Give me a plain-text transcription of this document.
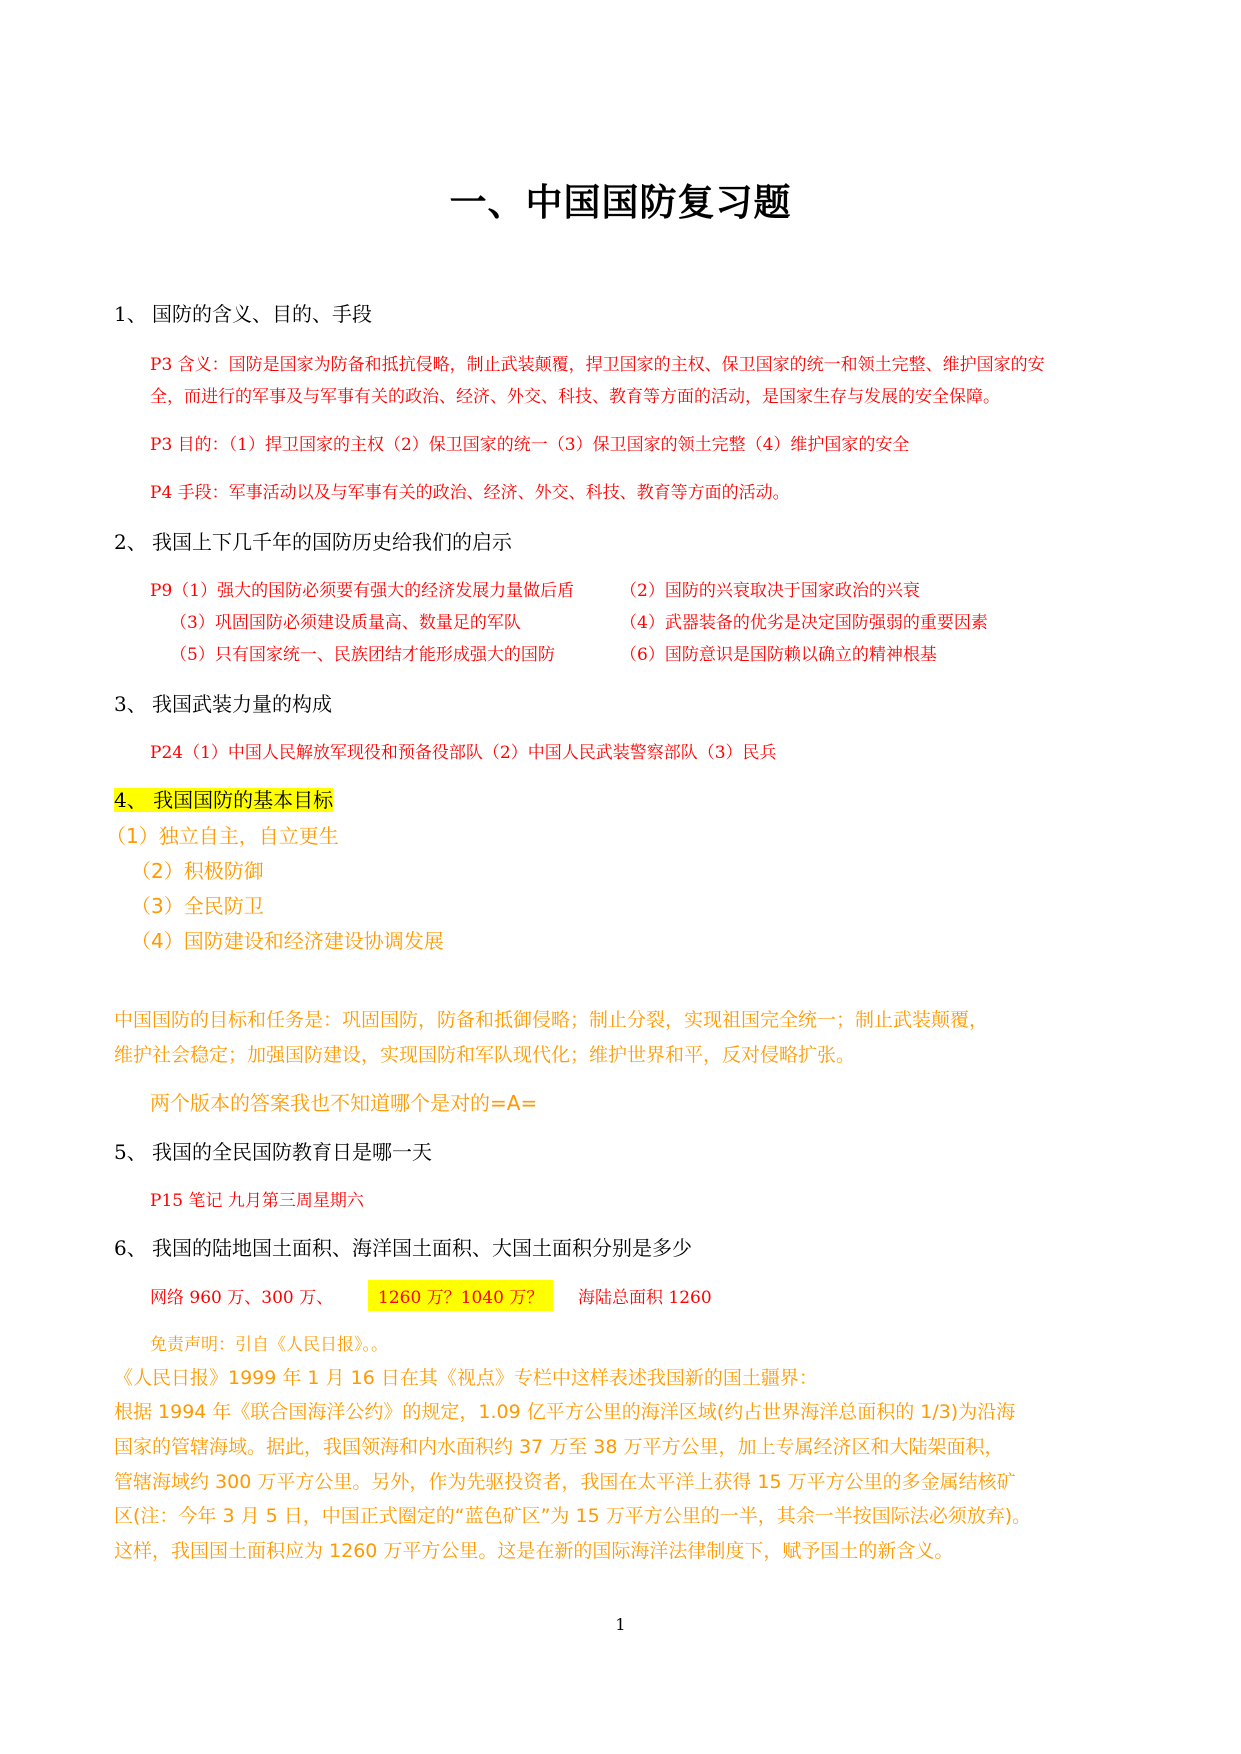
一、中国国防复习题
1、 国防的含义、目的、手段
P3 含义：国防是国家为防备和抵抗侵略，制止武装颠覆，捍卫国家的主权、保卫国家的统一和领土完整、维护国家的安
全，而进行的军事及与军事有关的政治、经济、外交、科技、教育等方面的活动，是国家生存与发展的安全保障。
P3 目的：（1）捍卫国家的主权（2）保卫国家的统一（3）保卫国家的领土完整（4）维护国家的安全
P4 手段：军事活动以及与军事有关的政治、经济、外交、科技、教育等方面的活动。
2、 我国上下几千年的国防历史给我们的启示
P9（1）强大的国防必须要有强大的经济发展力量做后盾	（2）国防的兴衰取决于国家政治的兴衰
（3）巩固国防必须建设质量高、数量足的军队	（4）武器装备的优劣是决定国防强弱的重要因素
（5）只有国家统一、民族团结才能形成强大的国防	（6）国防意识是国防赖以确立的精神根基
3、 我国武装力量的构成
P24（1）中国人民解放军现役和预备役部队（2）中国人民武装警察部队（3）民兵
4、 我国国防的基本目标
（1）独立自主，自立更生
（2）积极防御
（3）全民防卫
（4）国防建设和经济建设协调发展
中国国防的目标和任务是：巩固国防，防备和抵御侵略；制止分裂，实现祖国完全统一；制止武装颠覆，
维护社会稳定；加强国防建设，实现国防和军队现代化；维护世界和平，反对侵略扩张。
两个版本的答案我也不知道哪个是对的=A=
5、 我国的全民国防教育日是哪一天
P15 笔记 九月第三周星期六
6、 我国的陆地国土面积、海洋国土面积、大国土面积分别是多少
网络 960 万、300 万、	1260 万？1040 万？	海陆总面积 1260
免责声明：引自《人民日报》。。
《人民日报》1999 年 1 月 16 日在其《视点》专栏中这样表述我国新的国土疆界：
根据 1994 年《联合国海洋公约》的规定，1.09 亿平方公里的海洋区域(约占世界海洋总面积的 1/3)为沿海
国家的管辖海域。据此，我国领海和内水面积约 37 万至 38 万平方公里，加上专属经济区和大陆架面积，
管辖海域约 300 万平方公里。另外，作为先驱投资者，我国在太平洋上获得 15 万平方公里的多金属结核矿
区(注：今年 3 月 5 日，中国正式圈定的“蓝色矿区”为 15 万平方公里的一半，其余一半按国际法必须放弃)。
这样，我国国土面积应为 1260 万平方公里。这是在新的国际海洋法律制度下，赋予国土的新含义。
1
